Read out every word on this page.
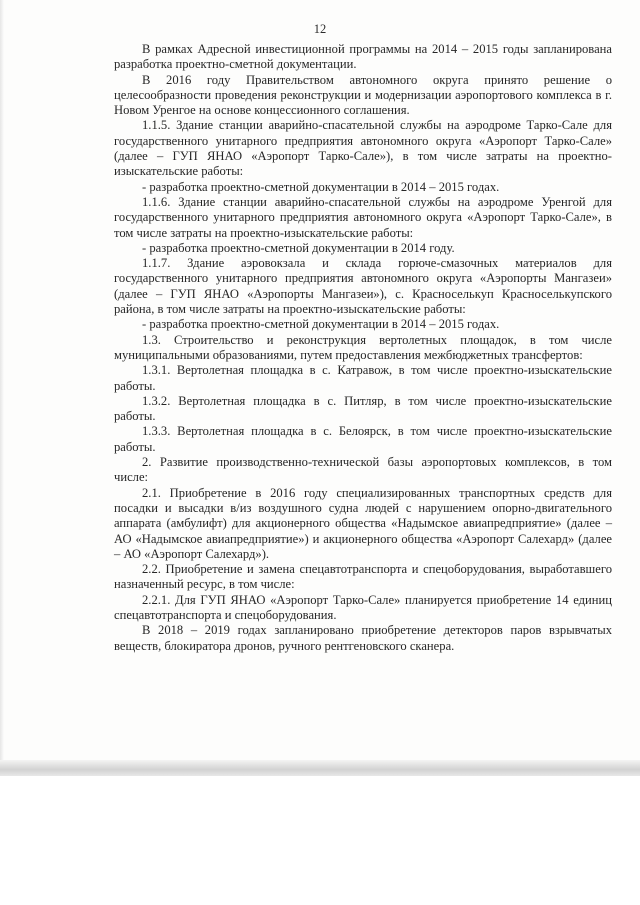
12

В рамках Адресной инвестиционной программы на 2014 – 2015 годы запланирована разработка проектно-сметной документации.

В 2016 году Правительством автономного округа принято решение о целесообразности проведения реконструкции и модернизации аэропортового комплекса в г. Новом Уренгое на основе концессионного соглашения.

1.1.5. Здание станции аварийно-спасательной службы на аэродроме Тарко-Сале для государственного унитарного предприятия автономного округа «Аэропорт Тарко-Сале» (далее – ГУП ЯНАО «Аэропорт Тарко-Сале»), в том числе затраты на проектно-изыскательские работы:

- разработка проектно-сметной документации в 2014 – 2015 годах.

1.1.6. Здание станции аварийно-спасательной службы на аэродроме Уренгой для государственного унитарного предприятия автономного округа «Аэропорт Тарко-Сале», в том числе затраты на проектно-изыскательские работы:

- разработка проектно-сметной документации в 2014 году.

1.1.7. Здание аэровокзала и склада горюче-смазочных материалов для государственного унитарного предприятия автономного округа «Аэропорты Мангазеи» (далее – ГУП ЯНАО «Аэропорты Мангазеи»), с. Красноселькуп Красноселькупского района, в том числе затраты на проектно-изыскательские работы:

- разработка проектно-сметной документации в 2014 – 2015 годах.

1.3. Строительство и реконструкция вертолетных площадок, в том числе муниципальными образованиями, путем предоставления межбюджетных трансфертов:

1.3.1. Вертолетная площадка в с. Катравож, в том числе проектно-изыскательские работы.

1.3.2. Вертолетная площадка в с. Питляр, в том числе проектно-изыскательские работы.

1.3.3. Вертолетная площадка в с. Белоярск, в том числе проектно-изыскательские работы.

2. Развитие производственно-технической базы аэропортовых комплексов, в том числе:

2.1. Приобретение в 2016 году специализированных транспортных средств для посадки и высадки в/из воздушного судна людей с нарушением опорно-двигательного аппарата (амбулифт) для акционерного общества «Надымское авиапредприятие» (далее – АО «Надымское авиапредприятие») и акционерного общества «Аэропорт Салехард» (далее – АО «Аэропорт Салехард»).

2.2. Приобретение и замена спецавтотранспорта и спецоборудования, выработавшего назначенный ресурс, в том числе:

2.2.1. Для ГУП ЯНАО «Аэропорт Тарко-Сале» планируется приобретение 14 единиц спецавтотранспорта и спецоборудования.

В 2018 – 2019 годах запланировано приобретение детекторов паров взрывчатых веществ, блокиратора дронов, ручного рентгеновского сканера.
